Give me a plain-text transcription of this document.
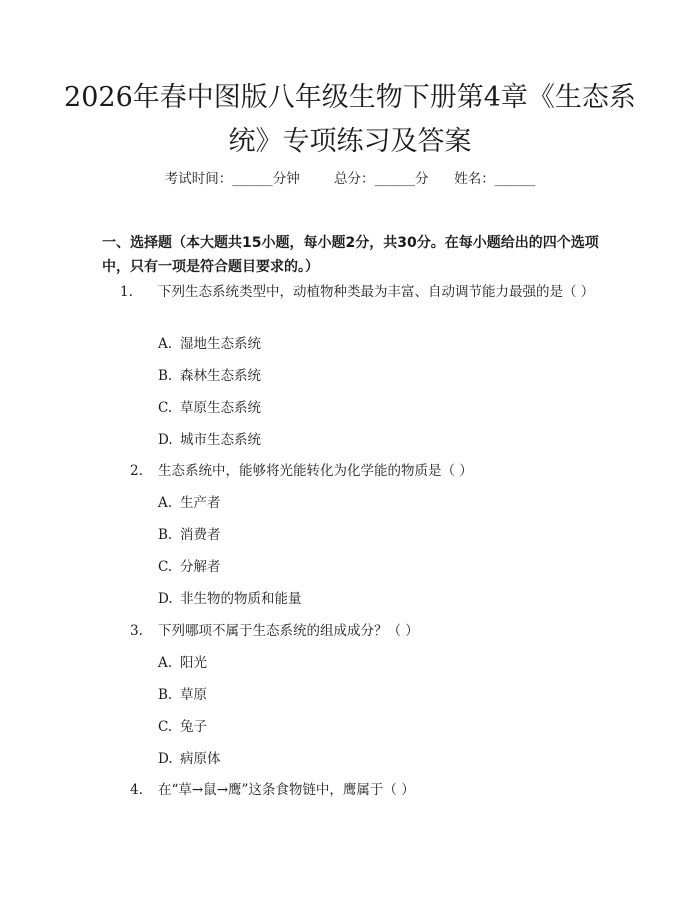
2026年春中图版八年级生物下册第4章《生态系统》专项练习及答案
考试时间：______分钟	总分：______分 姓名：______
一、选择题（本大题共15小题，每小题2分，共30分。在每小题给出的四个选项中，只有一项是符合题目要求的。）
1.	下列生态系统类型中，动植物种类最为丰富、自动调节能力最强的是（ ）
A. 湿地生态系统
B. 森林生态系统
C. 草原生态系统
D. 城市生态系统
2.	生态系统中，能够将光能转化为化学能的物质是（ ）
A. 生产者
B. 消费者
C. 分解者
D. 非生物的物质和能量
3.	下列哪项不属于生态系统的组成成分？（ ）
A. 阳光
B. 草原
C. 兔子
D. 病原体
4.	在“草→鼠→鹰”这条食物链中，鹰属于（ ）
